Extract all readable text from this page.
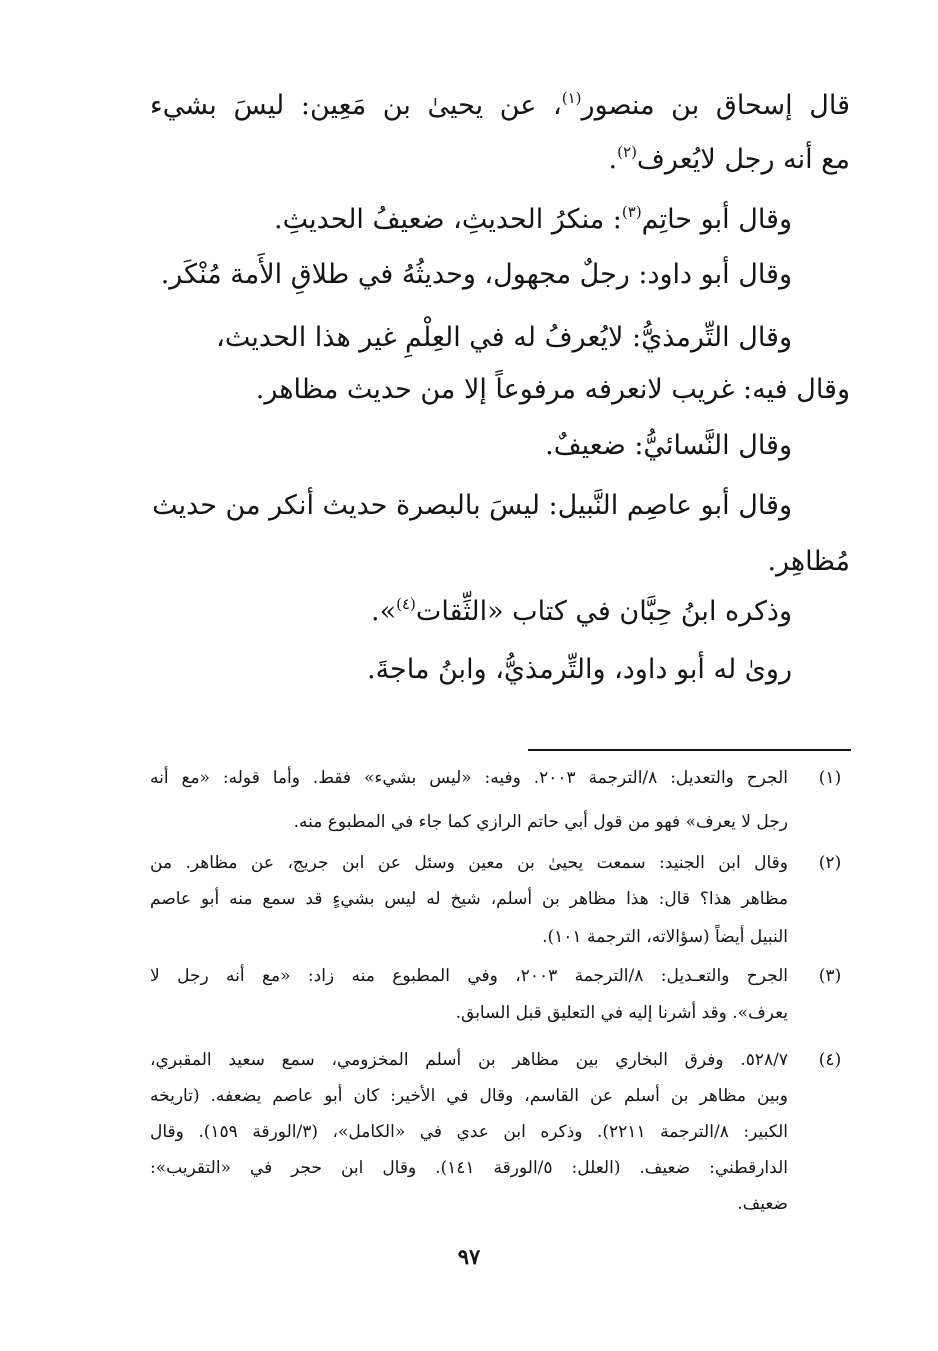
قال إسحاق بن منصور$^{(١)}$، عن يحيىٰ بن مَعِين: ليسَ بشيء
مع أنه رجل لايُعرف$^{(٢)}$.
وقال أبو حاتِم$^{(٣)}$: منكرُ الحديثِ، ضعيفُ الحديثِ.
وقال أبو داود: رجلٌ مجهول، وحديثُهُ في طلاقِ الأَمة مُنْكَر.
وقال التِّرمذيُّ: لايُعرفُ له في العِلْمِ غير هذا الحديث،
وقال فيه: غريب لانعرفه مرفوعاً إلا من حديث مظاهر.
وقال النَّسائيُّ: ضعيفٌ.
وقال أبو عاصِم النَّبيل: ليسَ بالبصرة حديث أنكر من حديث
مُظاهِر.
وذكره ابنُ حِبَّان في كتاب «الثِّقات$^{(٤)}$».
روىٰ له أبو داود، والتِّرمذيُّ، وابنُ ماجةَ.
(١)
الجرح والتعديل: ٨/الترجمة ٢٠٠٣. وفيه: «ليس بشيء» فقط. وأما قوله: «مع أنه
رجل لا يعرف» فهو من قول أبي حاتم الرازي كما جاء في المطبوع منه.
(٢)
وقال ابن الجنيد: سمعت يحيىٰ بن معين وسئل عن ابن جريج، عن مظاهر. من
مظاهر هذا؟ قال: هذا مظاهر بن أسلم، شيخ له ليس بشيءٍ قد سمع منه أبو عاصم
النبيل أيضاً (سؤالاته، الترجمة ١٠١).
(٣)
الجرح والتعـديل: ٨/الترجمة ٢٠٠٣، وفي المطبوع منه زاد: «مع أنه رجل لا
يعرف». وقد أشرنا إليه في التعليق قبل السابق.
(٤)
٥٢٨/٧. وفرق البخاري بين مظاهر بن أسلم المخزومي، سمع سعيد المقبري،
وبين مظاهر بن أسلم عن القاسم، وقال في الأخير: كان أبو عاصم يضعفه. (تاريخه
الكبير: ٨/الترجمة ٢٢١١). وذكره ابن عدي في «الكامل»، (٣/الورقة ١٥٩). وقال
الدارقطني: ضعيف. (العلل: ٥/الورقة ١٤١). وقال ابن حجر في «التقريب»:
ضعيف.
٩٧
